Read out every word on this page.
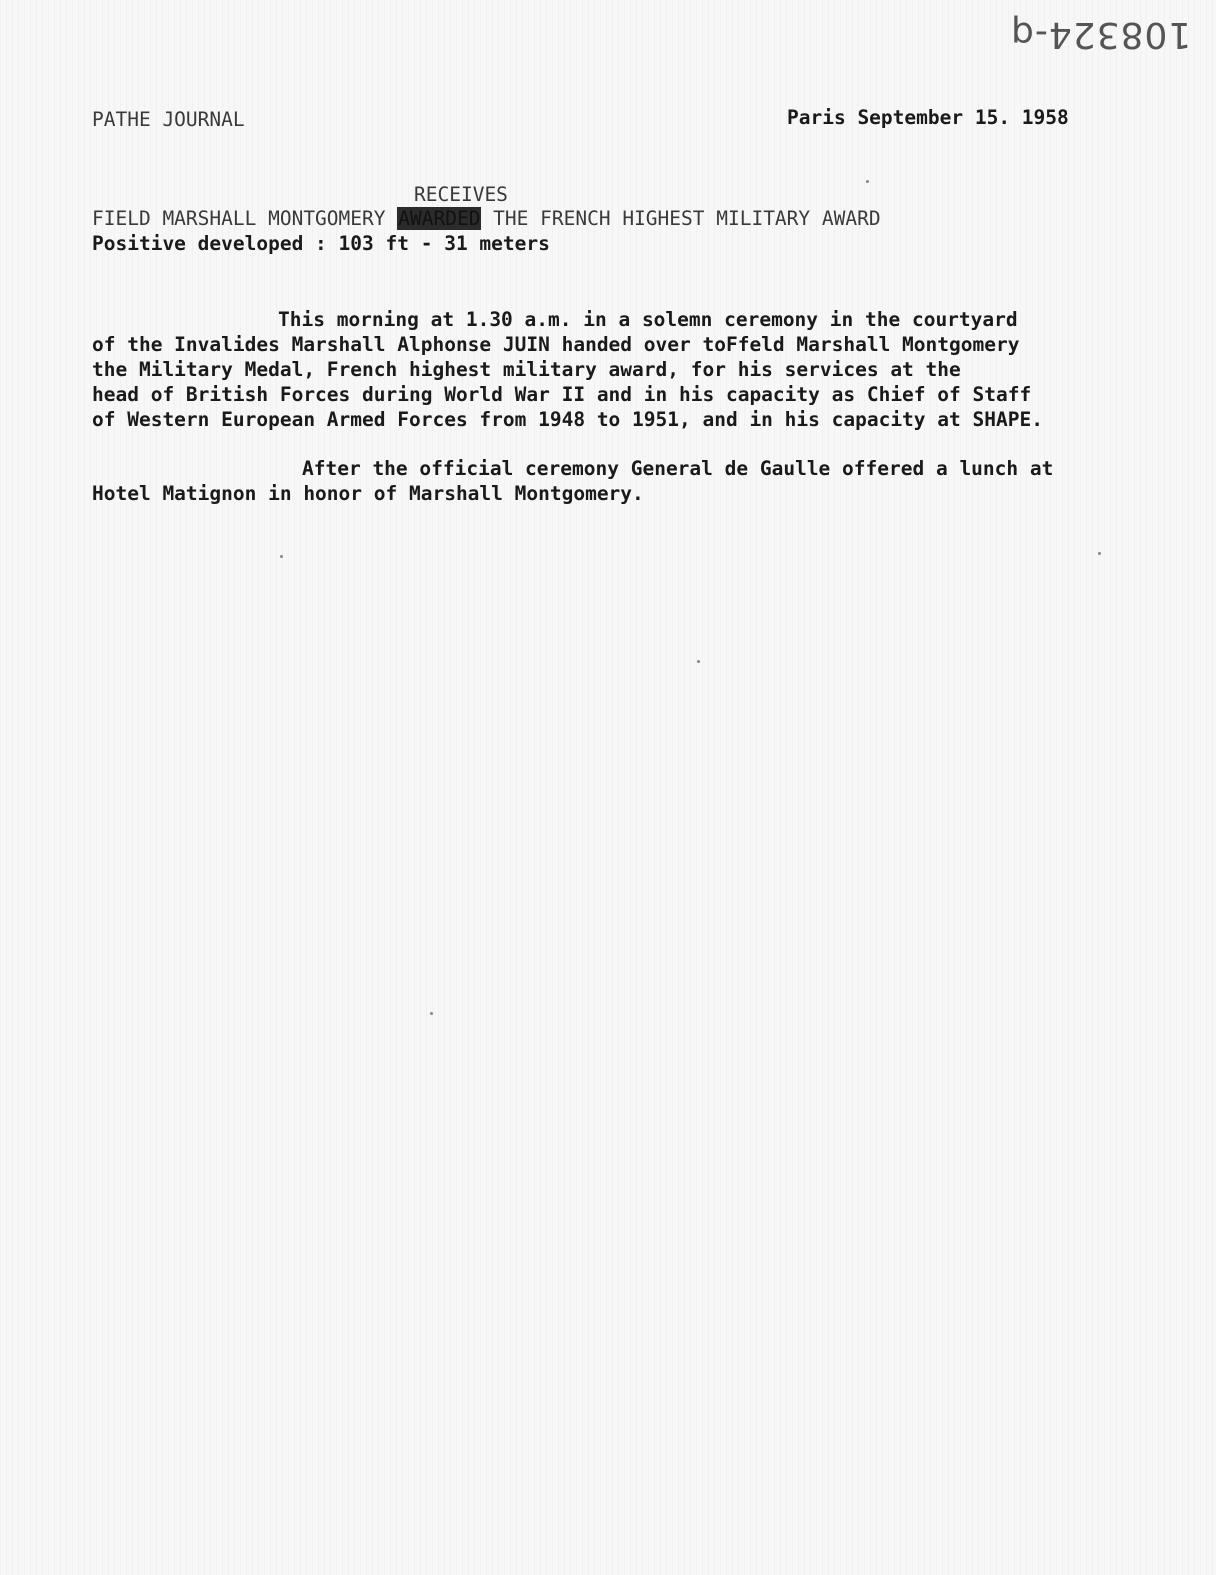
108324-q
PATHE JOURNAL	Paris September 15. 1958
RECEIVES
FIELD MARSHALL MONTGOMERY AWARDED THE FRENCH HIGHEST MILITARY AWARD
Positive developed : 103 ft - 31 meters
This morning at 1.30 a.m. in a solemn ceremony in the courtyard
of the Invalides Marshall Alphonse JUIN handed over toFfeld Marshall Montgomery
the Military Medal, French highest military award, for his services at the
head of British Forces during World War II and in his capacity as Chief of Staff
of Western European Armed Forces from 1948 to 1951, and in his capacity at SHAPE.
After the official ceremony General de Gaulle offered a lunch at
Hotel Matignon in honor of Marshall Montgomery.
